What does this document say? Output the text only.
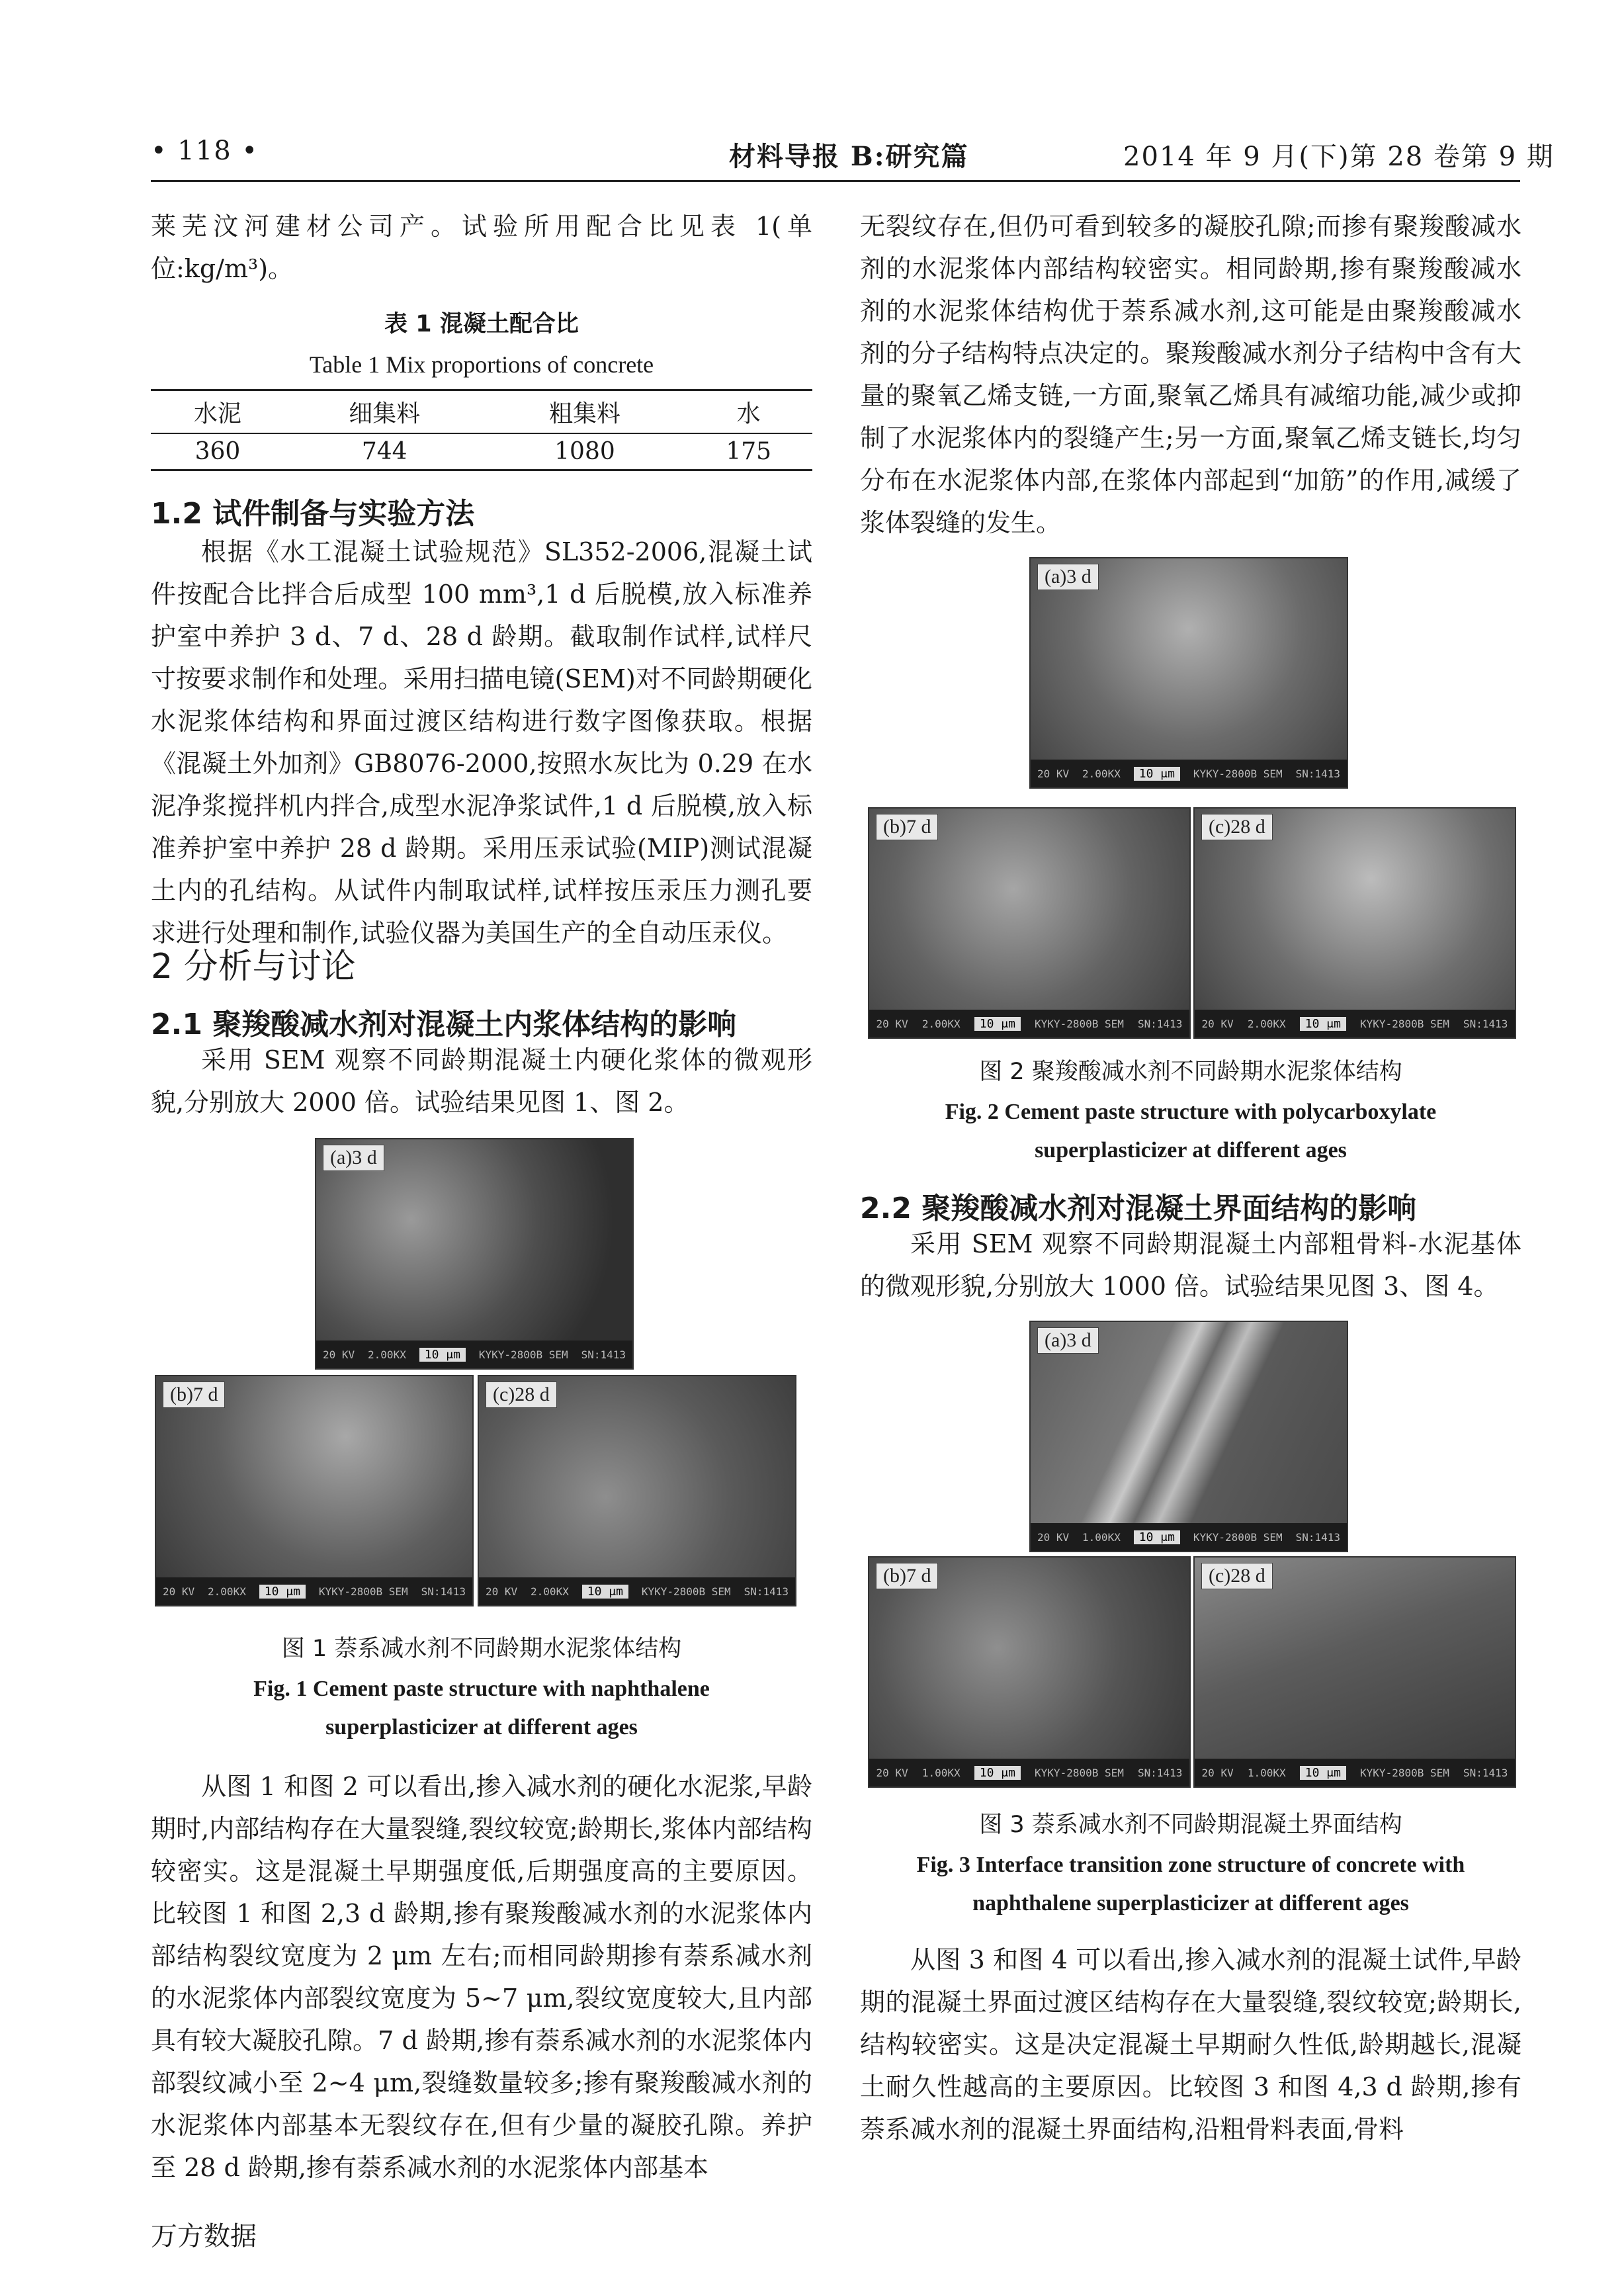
• 118 •	材料导报 B:研究篇	2014 年 9 月(下)第 28 卷第 9 期

莱芜汶河建材公司产。试验所用配合比见表 1(单位:kg/m³)。

表 1 混凝土配合比
Table 1 Mix proportions of concrete
水泥	细集料	粗集料	水
360	744	1080	175

1.2 试件制备与实验方法

根据《水工混凝土试验规范》SL352-2006,混凝土试件按配合比拌合后成型 100 mm³,1 d 后脱模,放入标准养护室中养护 3 d、7 d、28 d 龄期。截取制作试样,试样尺寸按要求制作和处理。采用扫描电镜(SEM)对不同龄期硬化水泥浆体结构和界面过渡区结构进行数字图像获取。根据《混凝土外加剂》GB8076-2000,按照水灰比为 0.29 在水泥净浆搅拌机内拌合,成型水泥净浆试件,1 d 后脱模,放入标准养护室中养护 28 d 龄期。采用压汞试验(MIP)测试混凝土内的孔结构。从试件内制取试样,试样按压汞压力测孔要求进行处理和制作,试验仪器为美国生产的全自动压汞仪。

2 分析与讨论

2.1 聚羧酸减水剂对混凝土内浆体结构的影响

采用 SEM 观察不同龄期混凝土内硬化浆体的微观形貌,分别放大 2000 倍。试验结果见图 1、图 2。

(a)3 d
20 KV 2.00KX	10 μm	KYKY-2800B SEM SN:1413
(b)7 d
20 KV 2.00KX	10 μm	KYKY-2800B SEM SN:1413
(c)28 d
20 KV 2.00KX	10 μm	KYKY-2800B SEM SN:1413
图 1 萘系减水剂不同龄期水泥浆体结构
Fig. 1 Cement paste structure with naphthalene
superplasticizer at different ages

从图 1 和图 2 可以看出,掺入减水剂的硬化水泥浆,早龄期时,内部结构存在大量裂缝,裂纹较宽;龄期长,浆体内部结构较密实。这是混凝土早期强度低,后期强度高的主要原因。比较图 1 和图 2,3 d 龄期,掺有聚羧酸减水剂的水泥浆体内部结构裂纹宽度为 2 μm 左右;而相同龄期掺有萘系减水剂的水泥浆体内部裂纹宽度为 5~7 μm,裂纹宽度较大,且内部具有较大凝胶孔隙。7 d 龄期,掺有萘系减水剂的水泥浆体内部裂纹减小至 2~4 μm,裂缝数量较多;掺有聚羧酸减水剂的水泥浆体内部基本无裂纹存在,但有少量的凝胶孔隙。养护至 28 d 龄期,掺有萘系减水剂的水泥浆体内部基本

无裂纹存在,但仍可看到较多的凝胶孔隙;而掺有聚羧酸减水剂的水泥浆体内部结构较密实。相同龄期,掺有聚羧酸减水剂的水泥浆体结构优于萘系减水剂,这可能是由聚羧酸减水剂的分子结构特点决定的。聚羧酸减水剂分子结构中含有大量的聚氧乙烯支链,一方面,聚氧乙烯具有减缩功能,减少或抑制了水泥浆体内的裂缝产生;另一方面,聚氧乙烯支链长,均匀分布在水泥浆体内部,在浆体内部起到“加筋”的作用,减缓了浆体裂缝的发生。

(a)3 d
20 KV 2.00KX	10 μm	KYKY-2800B SEM SN:1413
(b)7 d
20 KV 2.00KX	10 μm	KYKY-2800B SEM SN:1413
(c)28 d
20 KV 2.00KX	10 μm	KYKY-2800B SEM SN:1413
图 2 聚羧酸减水剂不同龄期水泥浆体结构
Fig. 2 Cement paste structure with polycarboxylate
superplasticizer at different ages

2.2 聚羧酸减水剂对混凝土界面结构的影响

采用 SEM 观察不同龄期混凝土内部粗骨料-水泥基体的微观形貌,分别放大 1000 倍。试验结果见图 3、图 4。

(a)3 d
20 KV 1.00KX	10 μm	KYKY-2800B SEM SN:1413
(b)7 d
20 KV 1.00KX	10 μm	KYKY-2800B SEM SN:1413
(c)28 d
20 KV 1.00KX	10 μm	KYKY-2800B SEM SN:1413
图 3 萘系减水剂不同龄期混凝土界面结构
Fig. 3 Interface transition zone structure of concrete with
naphthalene superplasticizer at different ages

从图 3 和图 4 可以看出,掺入减水剂的混凝土试件,早龄期的混凝土界面过渡区结构存在大量裂缝,裂纹较宽;龄期长,结构较密实。这是决定混凝土早期耐久性低,龄期越长,混凝土耐久性越高的主要原因。比较图 3 和图 4,3 d 龄期,掺有萘系减水剂的混凝土界面结构,沿粗骨料表面,骨料

万方数据
